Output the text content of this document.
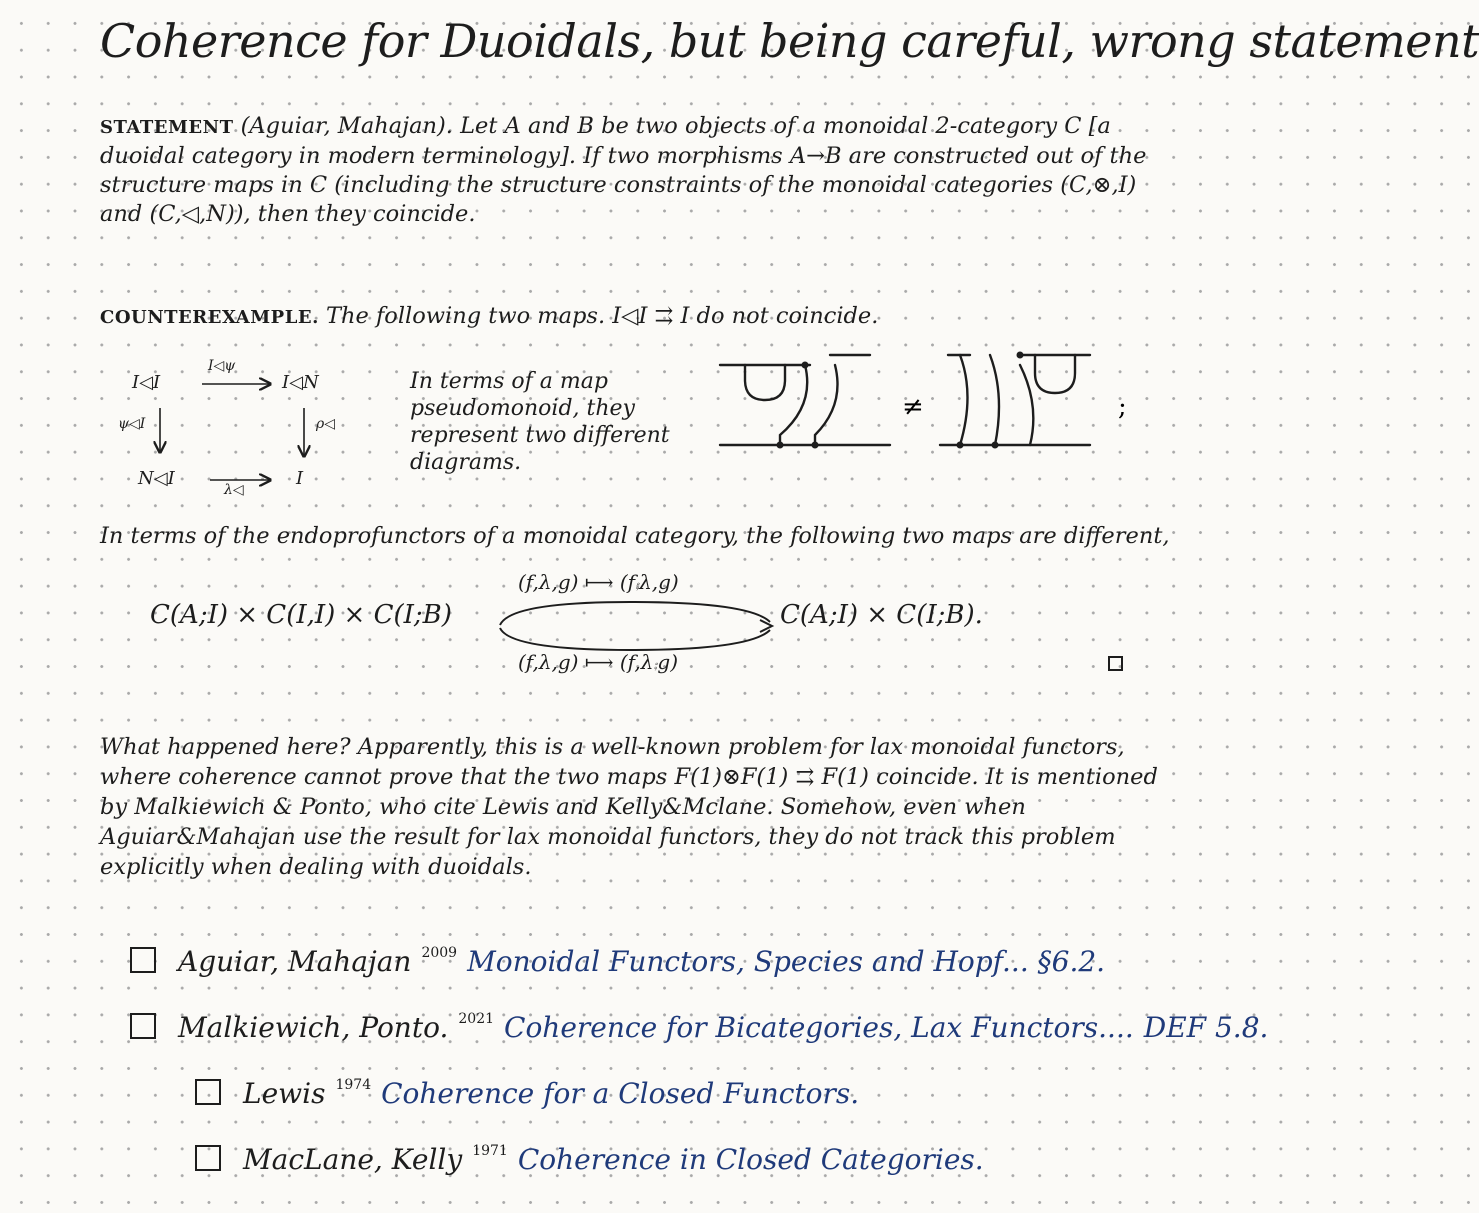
Coherence for Duoidals, but being careful, wrong statement
STATEMENT (Aguiar, Mahajan). Let A and B be two objects of a monoidal 2-category C [a duoidal category in modern terminology]. If two morphisms A→B are constructed out of the structure maps in C (including the structure constraints of the monoidal categories (C,⊗,I) and (C,◁,N)), then they coincide.
COUNTEREXAMPLE. The following two maps. I◁I ⇉ I do not coincide.
I◁I
I◁ψ
I◁N
ψ◁I	ρ◁
N◁I
λ◁
I
In terms of a map pseudomonoid, they represent two different diagrams.
≠	;
In terms of the endoprofunctors of a monoidal category, the following two maps are different,
C(A;I) × C(I,I) × C(I;B)
(f,λ,g) ⟼ (f⨾λ,g)
(f,λ,g) ⟼ (f,λ⨾g)
C(A;I) × C(I;B).
What happened here? Apparently, this is a well-known problem for lax monoidal functors, where coherence cannot prove that the two maps F(1)⊗F(1) ⇉ F(1) coincide. It is mentioned by Malkiewich & Ponto, who cite Lewis and Kelly&Mclane. Somehow, even when Aguiar&Mahajan use the result for lax monoidal functors, they do not track this problem explicitly when dealing with duoidals.
Aguiar, Mahajan 2009 Monoidal Functors, Species and Hopf... §6.2.
Malkiewich, Ponto. 2021 Coherence for Bicategories, Lax Functors.... DEF 5.8.
Lewis 1974 Coherence for a Closed Functors.
MacLane, Kelly 1971 Coherence in Closed Categories.
